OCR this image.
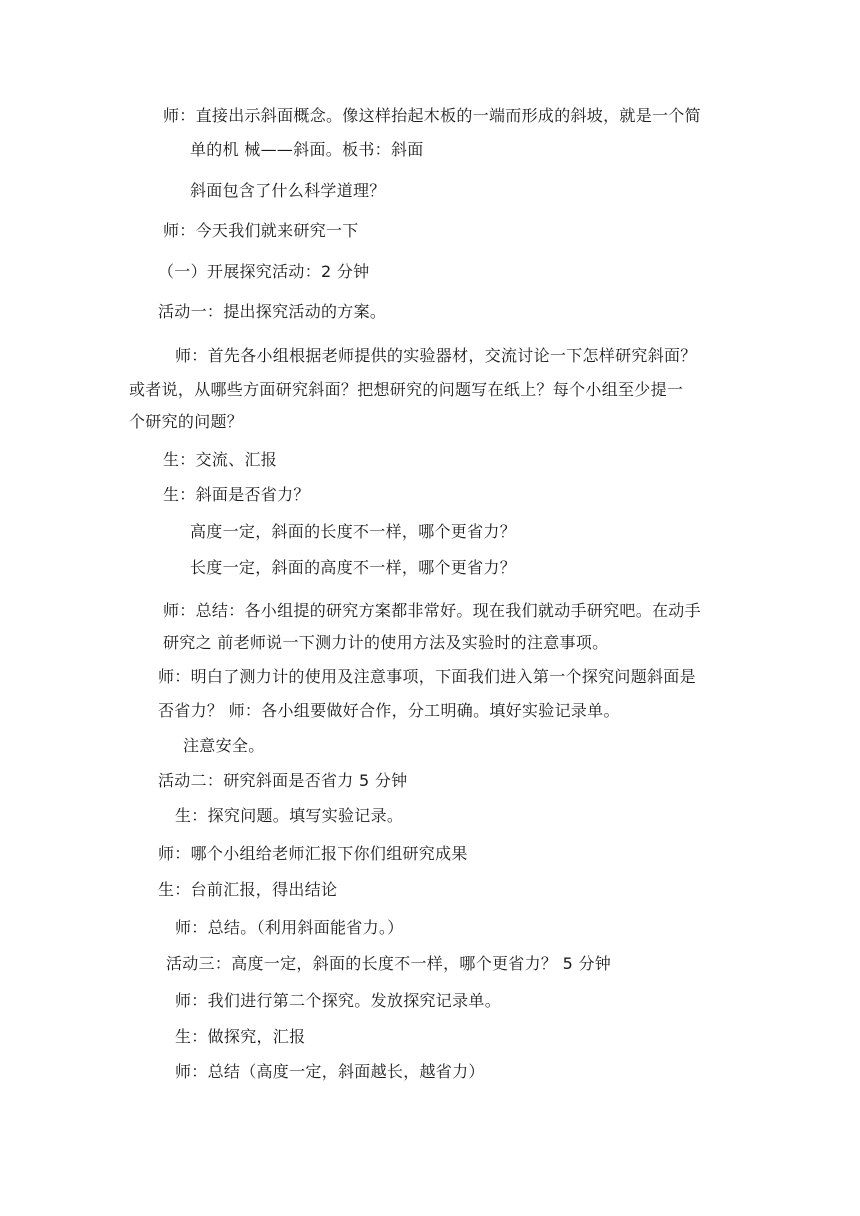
师：直接出示斜面概念。像这样抬起木板的一端而形成的斜坡，就是一个简
单的机 械——斜面。板书：斜面
斜面包含了什么科学道理？
师：今天我们就来研究一下
（一）开展探究活动：2 分钟
活动一：提出探究活动的方案。
师：首先各小组根据老师提供的实验器材，交流讨论一下怎样研究斜面？
或者说，从哪些方面研究斜面？把想研究的问题写在纸上？每个小组至少提一
个研究的问题？
生：交流、汇报
生：斜面是否省力？
高度一定，斜面的长度不一样，哪个更省力？
长度一定，斜面的高度不一样，哪个更省力？
师：总结：各小组提的研究方案都非常好。现在我们就动手研究吧。在动手
研究之 前老师说一下测力计的使用方法及实验时的注意事项。
师：明白了测力计的使用及注意事项，下面我们进入第一个探究问题斜面是
否省力？ 师：各小组要做好合作，分工明确。填好实验记录单。
注意安全。
活动二：研究斜面是否省力 5 分钟
生：探究问题。填写实验记录。
师：哪个小组给老师汇报下你们组研究成果
生：台前汇报，得出结论
师：总结。（利用斜面能省力。）
活动三：高度一定，斜面的长度不一样，哪个更省力？ 5 分钟
师：我们进行第二个探究。发放探究记录单。
生：做探究，汇报
师：总结（高度一定，斜面越长，越省力）
